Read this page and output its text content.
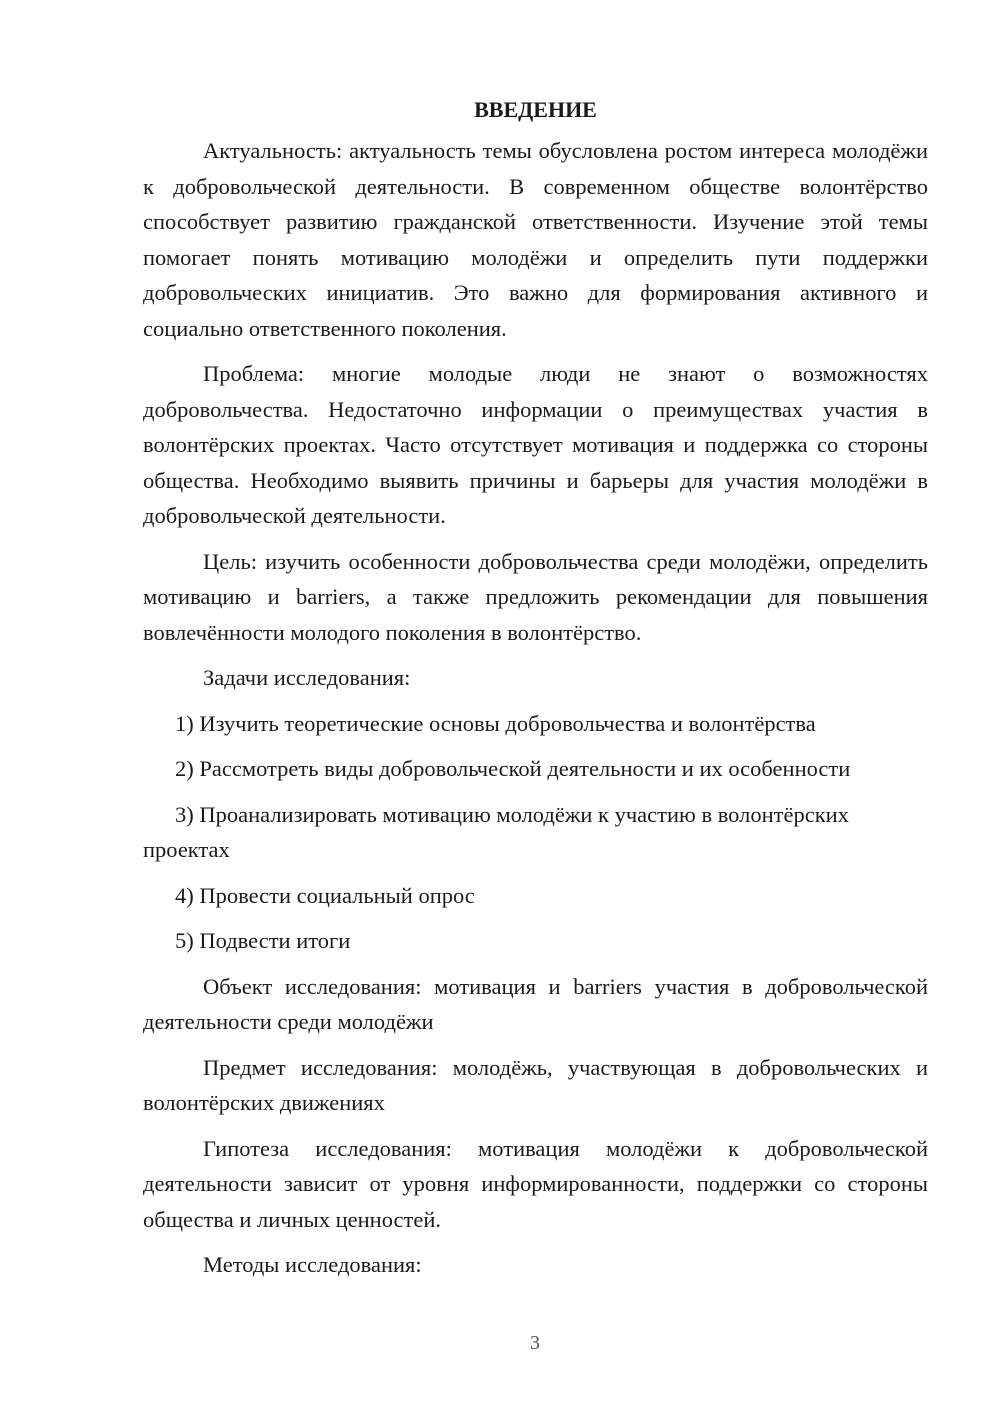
ВВЕДЕНИЕ

Актуальность: актуальность темы обусловлена ростом интереса молодёжи к добровольческой деятельности. В современном обществе волонтёрство способствует развитию гражданской ответственности. Изучение этой темы помогает понять мотивацию молодёжи и определить пути поддержки добровольческих инициатив. Это важно для формирования активного и социально ответственного поколения.

Проблема: многие молодые люди не знают о возможностях добровольчества. Недостаточно информации о преимуществах участия в волонтёрских проектах. Часто отсутствует мотивация и поддержка со стороны общества. Необходимо выявить причины и барьеры для участия молодёжи в добровольческой деятельности.

Цель: изучить особенности добровольчества среди молодёжи, определить мотивацию и barriers, а также предложить рекомендации для повышения вовлечённости молодого поколения в волонтёрство.

Задачи исследования:

1) Изучить теоретические основы добровольчества и волонтёрства

2) Рассмотреть виды добровольческой деятельности и их особенности

3) Проанализировать мотивацию молодёжи к участию в волонтёрских проектах

4) Провести социальный опрос

5) Подвести итоги

Объект исследования: мотивация и barriers участия в добровольческой деятельности среди молодёжи

Предмет исследования: молодёжь, участвующая в добровольческих и волонтёрских движениях

Гипотеза исследования: мотивация молодёжи к добровольческой деятельности зависит от уровня информированности, поддержки со стороны общества и личных ценностей.

Методы исследования:

3
